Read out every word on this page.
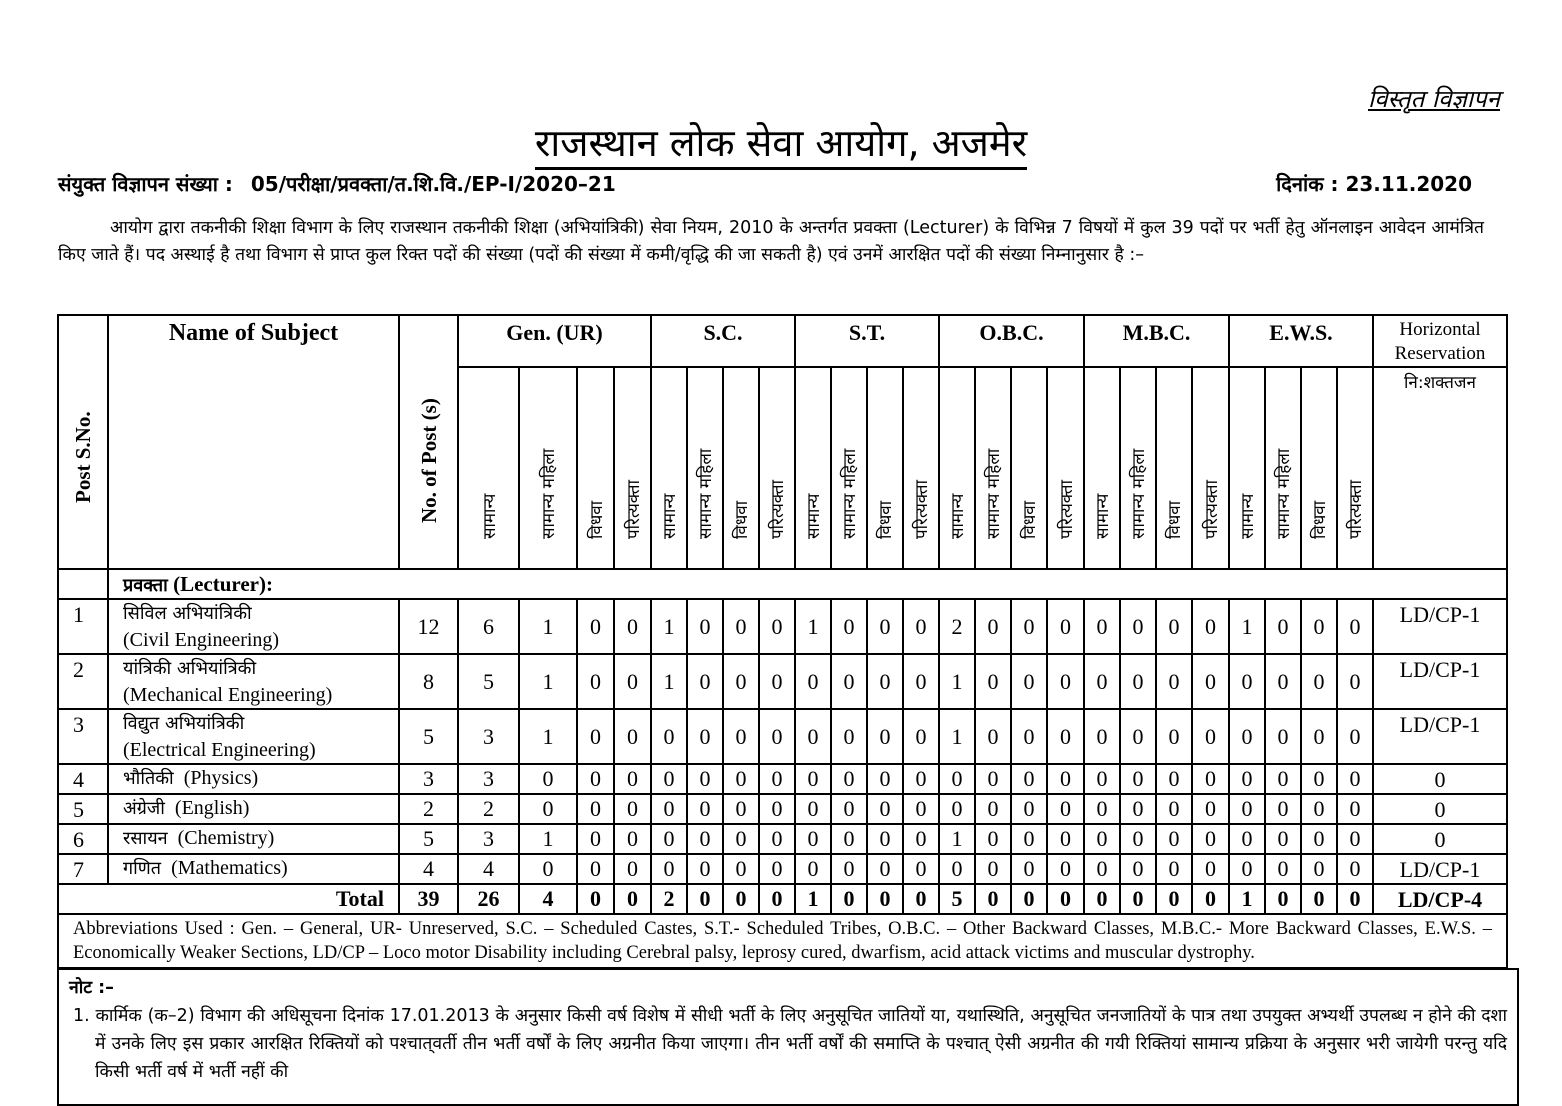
विस्तृत विज्ञापन
राजस्थान लोक सेवा आयोग, अजमेर
संयुक्त विज्ञापन संख्या : 05/परीक्षा/प्रवक्ता/त.शि.वि./EP-I/2020–21	दिनांक : 23.11.2020
आयोग द्वारा तकनीकी शिक्षा विभाग के लिए राजस्थान तकनीकी शिक्षा (अभियांत्रिकी) सेवा नियम, 2010 के अन्तर्गत प्रवक्ता (Lecturer) के विभिन्न 7 विषयों में कुल 39 पदों पर भर्ती हेतु ऑनलाइन आवेदन आमंत्रित किए जाते हैं। पद अस्थाई है तथा विभाग से प्राप्त कुल रिक्त पदों की संख्या (पदों की संख्या में कमी/वृद्धि की जा सकती है) एवं उनमें आरक्षित पदों की संख्या निम्नानुसार है :–
Post S.No.	Name of Subject	No. of Post (s)	Gen. (UR)				S.C.				S.T.				O.B.C.				M.B.C.				E.W.S.				Horizontal Reservation

			सामान्य	सामान्य महिला	विधवा	परित्यक्ता	सामान्य	सामान्य महिला	विधवा	परित्यक्ता	सामान्य	सामान्य महिला	विधवा	परित्यक्ता	सामान्य	सामान्य महिला	विधवा	परित्यक्ता	सामान्य	सामान्य महिला	विधवा	परित्यक्ता	सामान्य	सामान्य महिला	विधवा	परित्यक्ता	नि:शक्तजन
	प्रवक्ता (Lecturer):																										
1	सिविल अभियांत्रिकी
(Civil Engineering)	12	6	1	0	0	1	0	0	0	1	0	0	0	2	0	0	0	0	0	0	0	1	0	0	0	LD/CP-1
2	यांत्रिकी अभियांत्रिकी
(Mechanical Engineering)	8	5	1	0	0	1	0	0	0	0	0	0	0	1	0	0	0	0	0	0	0	0	0	0	0	LD/CP-1
3	विद्युत अभियांत्रिकी
(Electrical Engineering)	5	3	1	0	0	0	0	0	0	0	0	0	0	1	0	0	0	0	0	0	0	0	0	0	0	LD/CP-1
4	भौतिकी (Physics)	3	3	0	0	0	0	0	0	0	0	0	0	0	0	0	0	0	0	0	0	0	0	0	0	0	0
5	अंग्रेजी (English)	2	2	0	0	0	0	0	0	0	0	0	0	0	0	0	0	0	0	0	0	0	0	0	0	0	0
6	रसायन (Chemistry)	5	3	1	0	0	0	0	0	0	0	0	0	0	1	0	0	0	0	0	0	0	0	0	0	0	0
7	गणित (Mathematics)	4	4	0	0	0	0	0	0	0	0	0	0	0	0	0	0	0	0	0	0	0	0	0	0	0	LD/CP-1
Total		39	26	4	0	0	2	0	0	0	1	0	0	0	5	0	0	0	0	0	0	0	1	0	0	0	LD/CP-4
Abbreviations Used : Gen. – General, UR- Unreserved, S.C. – Scheduled Castes, S.T.- Scheduled Tribes, O.B.C. – Other Backward Classes, M.B.C.- More Backward Classes, E.W.S. – Economically Weaker Sections, LD/CP – Loco motor Disability including Cerebral palsy, leprosy cured, dwarfism, acid attack victims and muscular dystrophy.																											
नोट :–
1. कार्मिक (क–2) विभाग की अधिसूचना दिनांक 17.01.2013 के अनुसार किसी वर्ष विशेष में सीधी भर्ती के लिए अनुसूचित जातियों या, यथास्थिति, अनुसूचित जनजातियों के पात्र तथा उपयुक्त अभ्यर्थी उपलब्ध न होने की दशा में उनके लिए इस प्रकार आरक्षित रिक्तियों को पश्चात्‌वर्ती तीन भर्ती वर्षों के लिए अग्रनीत किया जाएगा। तीन भर्ती वर्षों की समाप्ति के पश्चात्‌ ऐसी अग्रनीत की गयी रिक्तियां सामान्य प्रक्रिया के अनुसार भरी जायेगी परन्तु यदि किसी भर्ती वर्ष में भर्ती नहीं की
